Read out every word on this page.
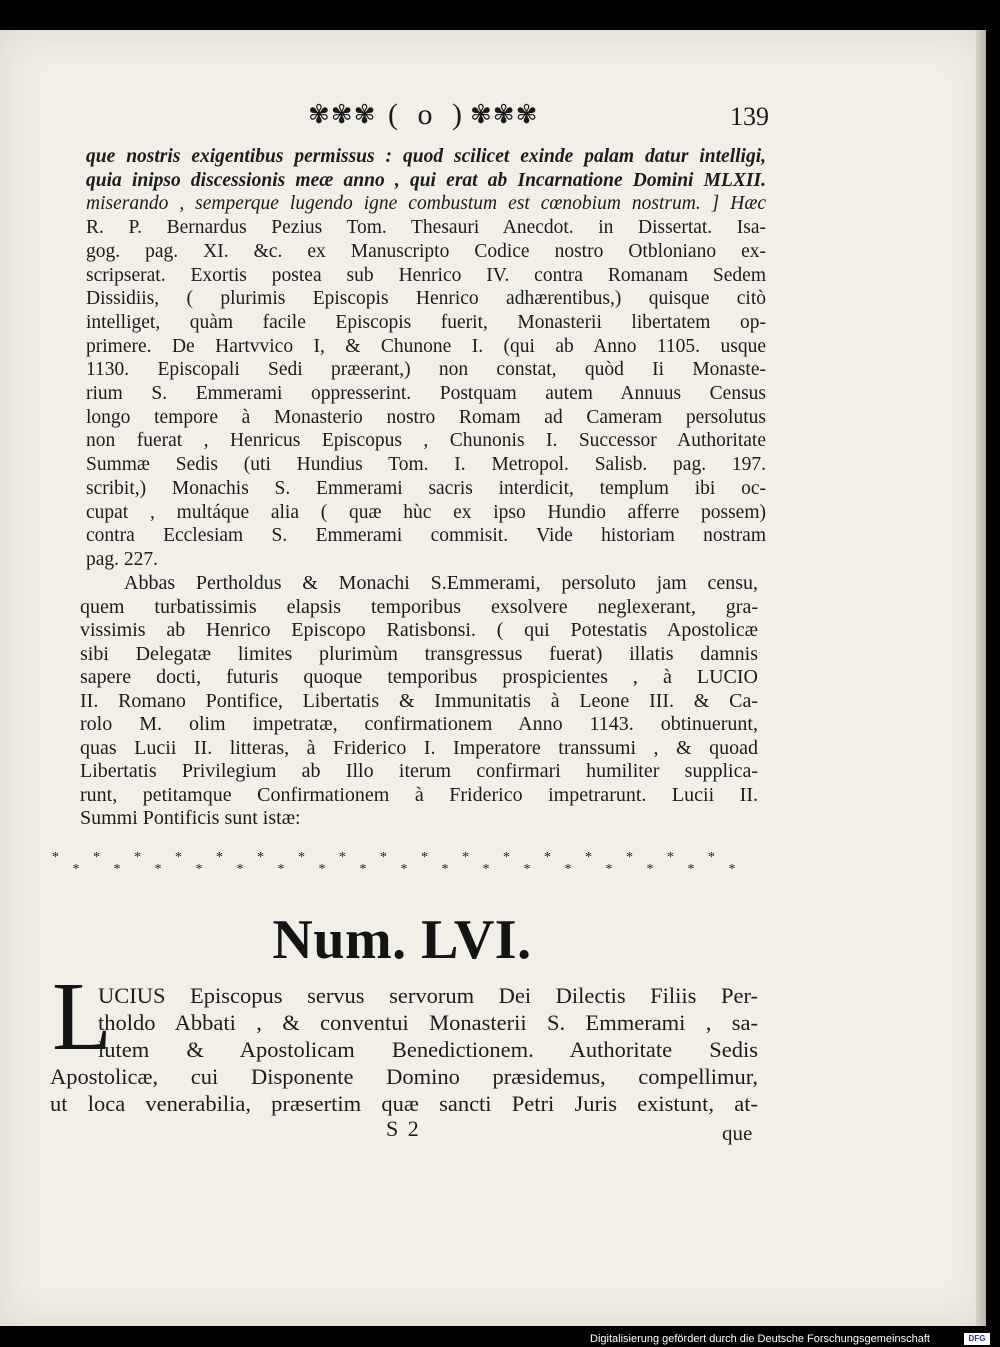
✾✾✾ ( o ) ✾✾✾	139
que nostris exigentibus permissus : quod scilicet exinde palam datur intelligi,
quia inipso discessionis meæ anno , qui erat ab Incarnatione Domini MLXII.
miserando , semperque lugendo igne combustum est cœnobium nostrum. ] Hæc
R. P. Bernardus Pezius Tom. Thesauri Anecdot. in Dissertat. Isa-
gog. pag. XI. &c. ex Manuscripto Codice nostro Otbloniano ex-
scripserat. Exortis postea sub Henrico IV. contra Romanam Sedem
Dissidiis, ( plurimis Episcopis Henrico adhærentibus,) quisque citò
intelliget, quàm facile Episcopis fuerit, Monasterii libertatem op-
primere. De Hartvvico I, & Chunone I. (qui ab Anno 1105. usque
1130. Episcopali Sedi præerant,) non constat, quòd Ii Monaste-
rium S. Emmerami oppresserint. Postquam autem Annuus Census
longo tempore à Monasterio nostro Romam ad Cameram persolutus
non fuerat , Henricus Episcopus , Chunonis I. Successor Authoritate
Summæ Sedis (uti Hundius Tom. I. Metropol. Salisb. pag. 197.
scribit,) Monachis S. Emmerami sacris interdicit, templum ibi oc-
cupat , multáque alia ( quæ hùc ex ipso Hundio afferre possem)
contra Ecclesiam S. Emmerami commisit. Vide historiam nostram
pag. 227.
Abbas Pertholdus & Monachi S.Emmerami, persoluto jam censu,
quem turbatissimis elapsis temporibus exsolvere neglexerant, gra-
vissimis ab Henrico Episcopo Ratisbonsi. ( qui Potestatis Apostolicæ
sibi Delegatæ limites plurimùm transgressus fuerat) illatis damnis
sapere docti, futuris quoque temporibus prospicientes , à LUCIO
II. Romano Pontifice, Libertatis & Immunitatis à Leone III. & Ca-
rolo M. olim impetratæ, confirmationem Anno 1143. obtinuerunt,
quas Lucii II. litteras, à Friderico I. Imperatore transsumi , & quoad
Libertatis Privilegium ab Illo iterum confirmari humiliter supplica-
runt, petitamque Confirmationem à Friderico impetrarunt. Lucii II.
Summi Pontificis sunt istæ:
*
*
*
*
*
*
*
*
*
*
*
*
*
*
*
*
*
*
*
*
*
*
*
*
*
*
*
*
*
*
*
*
*
*
Num. LVI.
L
UCIUS Episcopus servus servorum Dei Dilectis Filiis Per-
tholdo Abbati , & conventui Monasterii S. Emmerami , sa-
lutem & Apostolicam Benedictionem. Authoritate Sedis
Apostolicæ, cui Disponente Domino præsidemus, compellimur,
ut loca venerabilia, præsertim quæ sancti Petri Juris existunt, at-
S 2	que
Digitalisierung gefördert durch die Deutsche Forschungsgemeinschaft	DFG
